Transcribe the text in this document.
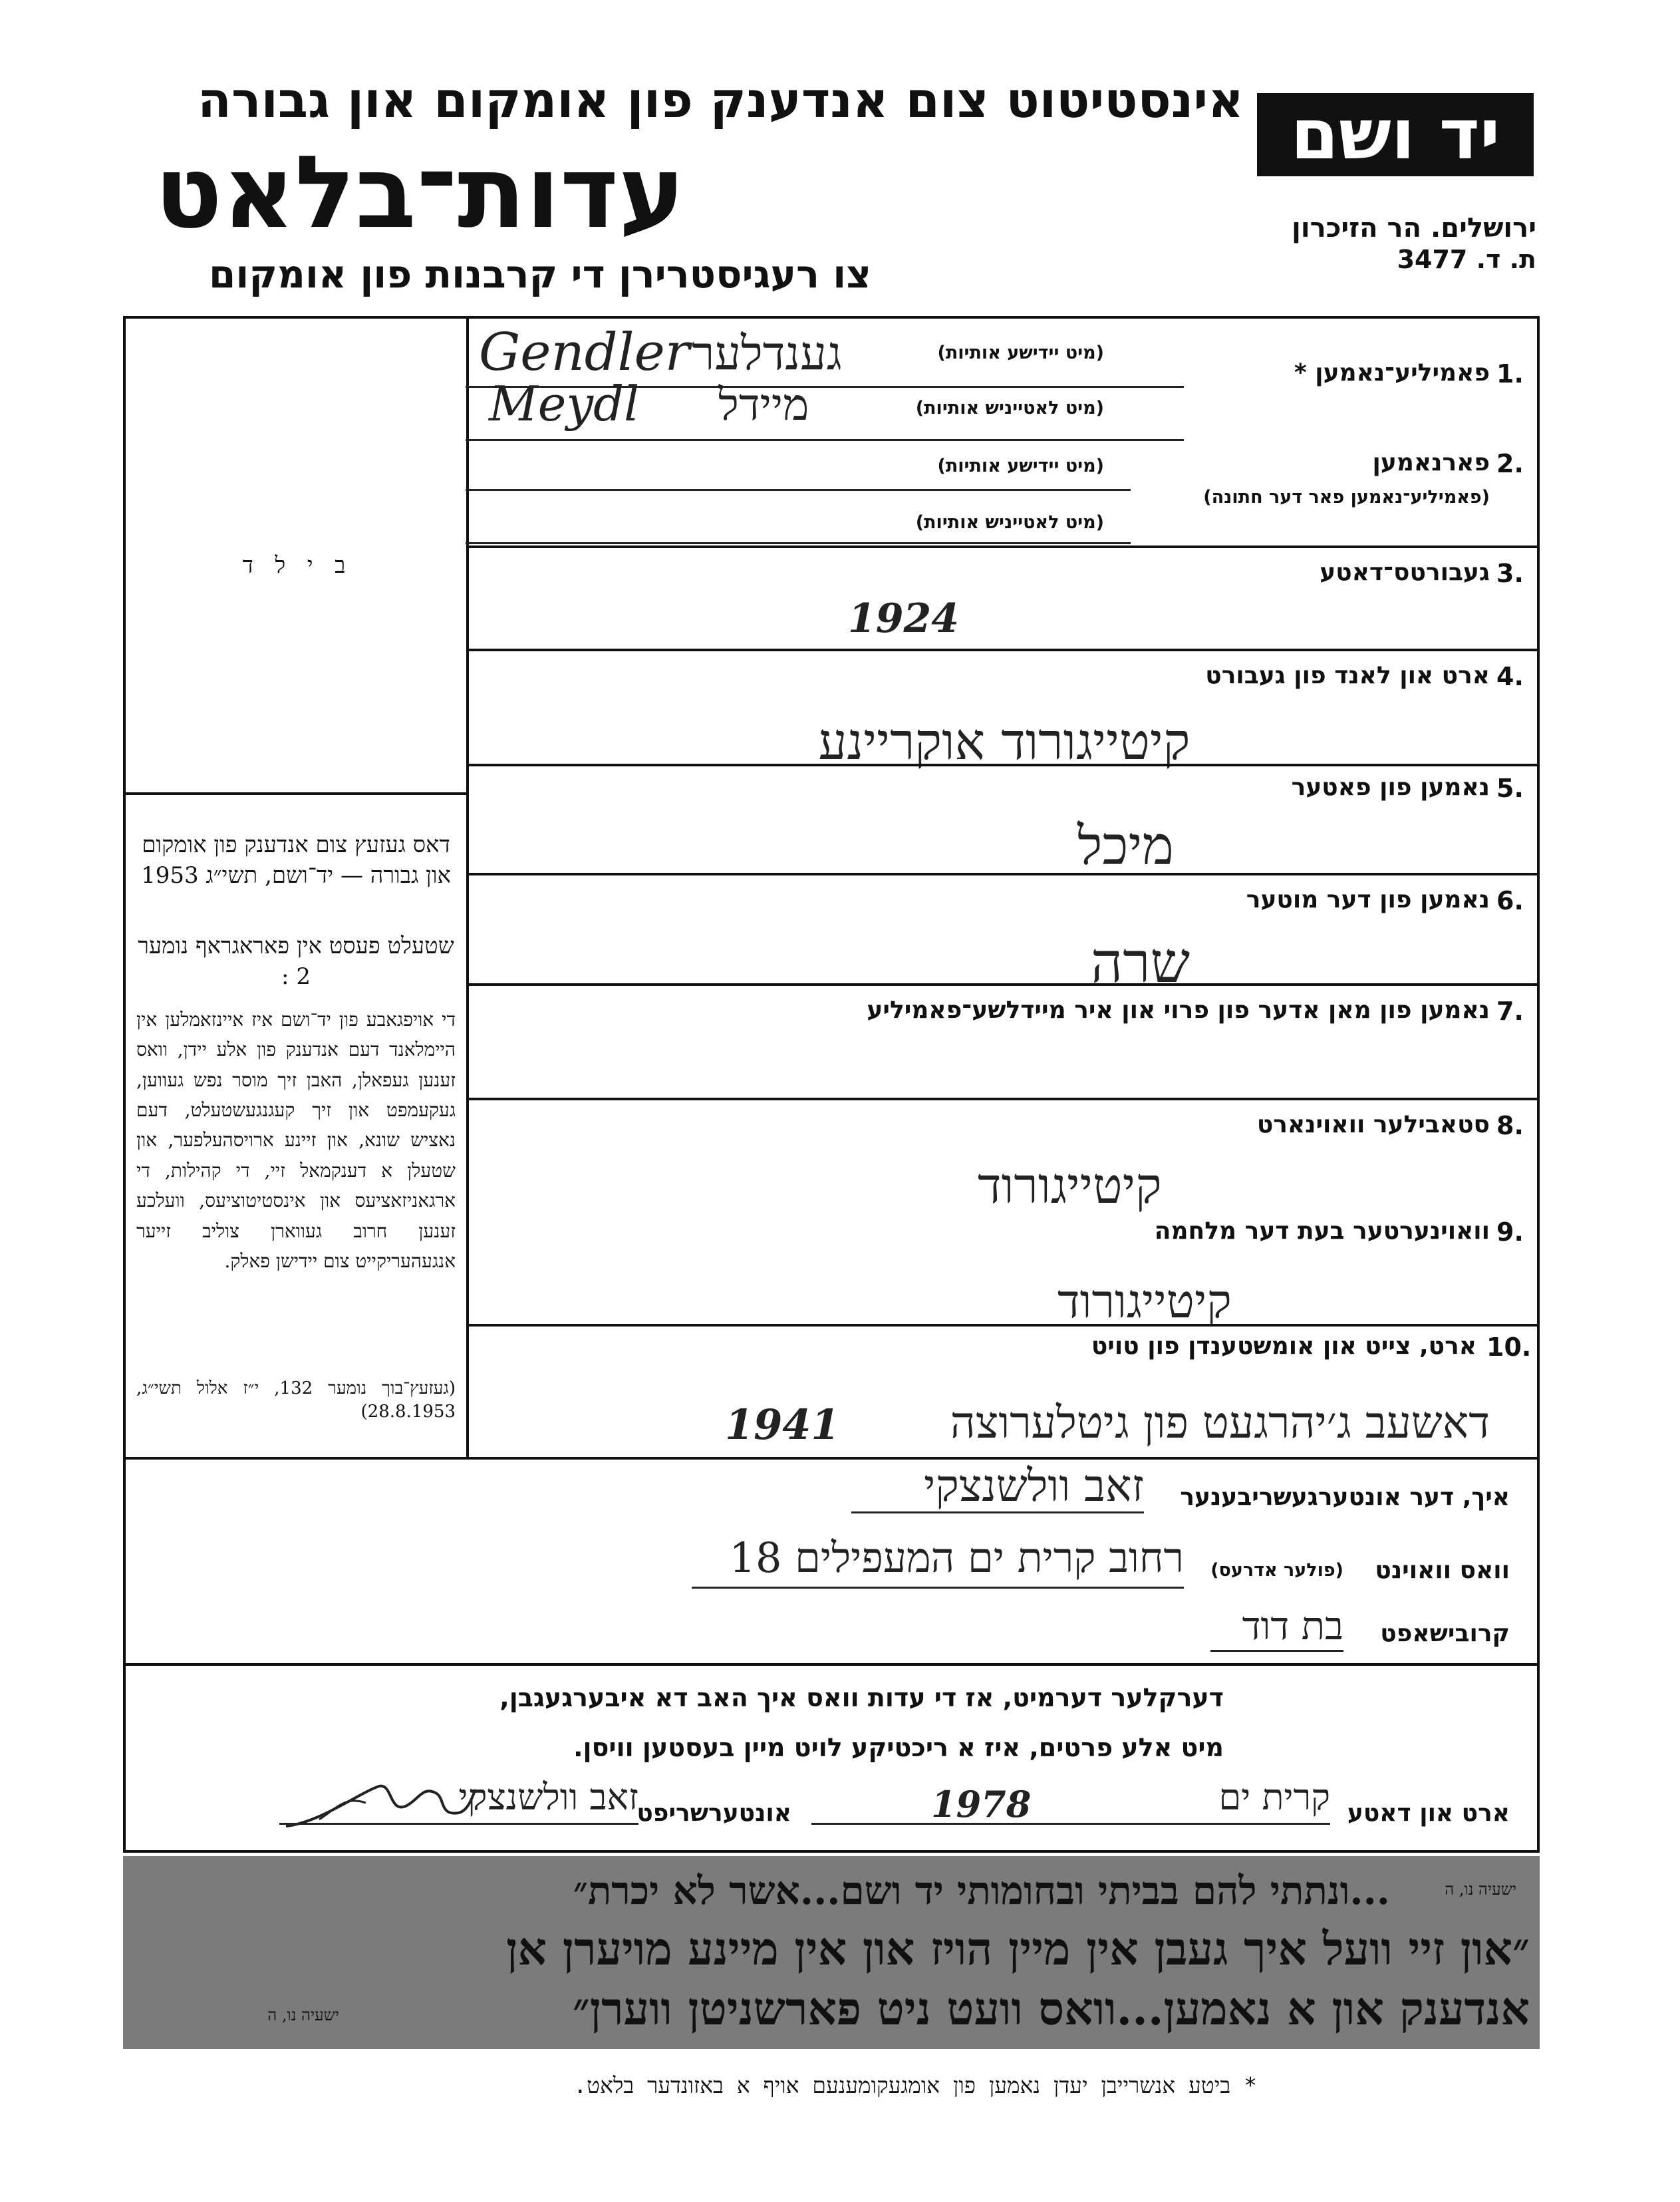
יד ושם
אינסטיטוט צום אנדענק פון אומקום און גבורה
עדות־בלאט
צו רעגיסטרירן די קרבנות פון אומקום
ירושלים. הר הזיכרון
ת. ד. 3477
ב י ל ד
דאס געזעץ צום אנדענק פון אומקום און גבורה — יד־ושם, תשי״ג 1953
שטעלט פעסט אין פאראגראף נומער 2 :
די אויפגאבע פון יד־ושם איז איינזאמלען אין היימלאנד דעם אנדענק פון אלע יידן, וואס זענען געפאלן, האבן זיך מוסר נפש געווען, געקעמפט און זיך קעגנגעשטעלט, דעם נאציש שונא, און זיינע ארויסהעלפער, און שטעלן א דענקמאל זיי, די קהילות, די ארגאניזאציעס און אינסטיטוציעס, וועלכע זענען חרוב געווארן צוליב זייער אנגעהעריקייט צום יידישן פאלק.
(געזעץ־בוך נומער 132, י״ז אלול תשי״ג, 28.8.1953)
1.
פאמיליע־נאמען *
(מיט יידישע אותיות)
Gendler גענדלער
(מיט לאטייניש אותיות)
Meydl מיידל
2.
פארנאמען
(פאמיליע־נאמען פאר דער חתונה)
(מיט יידישע אותיות)
(מיט לאטייניש אותיות)
3.
געבורטס־דאטע
1924
4.
ארט און לאנד פון געבורט
קיטייגורוד אוקריינע
5.
נאמען פון פאטער
מיכל
6.
נאמען פון דער מוטער
שרה
7.
נאמען פון מאן אדער פון פרוי און איר מיידלשע־פאמיליע
8.
סטאבילער וואוינארט
קיטייגורוד
9.
וואוינערטער בעת דער מלחמה
קיטייגורוד
10.
ארט, צייט און אומשטענדן פון טויט
1941	דאשעב ג׳יהרגעט פון גיטלערוצה
איך, דער אונטערגעשריבענער
זאב וולשנצקי
וואס וואוינט
(פולער אדרעס)
רחוב קרית ים המעפילים 18
קרובישאפט
בת דוד
דערקלער דערמיט, אז די עדות וואס איך האב דא איבערגעגבן,
מיט אלע פרטים, איז א ריכטיקע לויט מיין בעסטען וויסן.
ארט און דאטע
קרית ים
1978
אונטערשריפט
זאב וולשנצקי
...ונתתי להם בביתי ובחומותי יד ושם...אשר לא יכרת״	ישעיה נו, ה
״און זיי וועל איך געבן אין מיין הויז און אין מיינע מויערן אן
אנדענק און א נאמען...וואס וועט ניט פארשניטן ווערן״
ישעיה נו, ה
* ביטע אנשרייבן יעדן נאמען פון אומגעקומענעם אויף א באזונדער בלאט.
